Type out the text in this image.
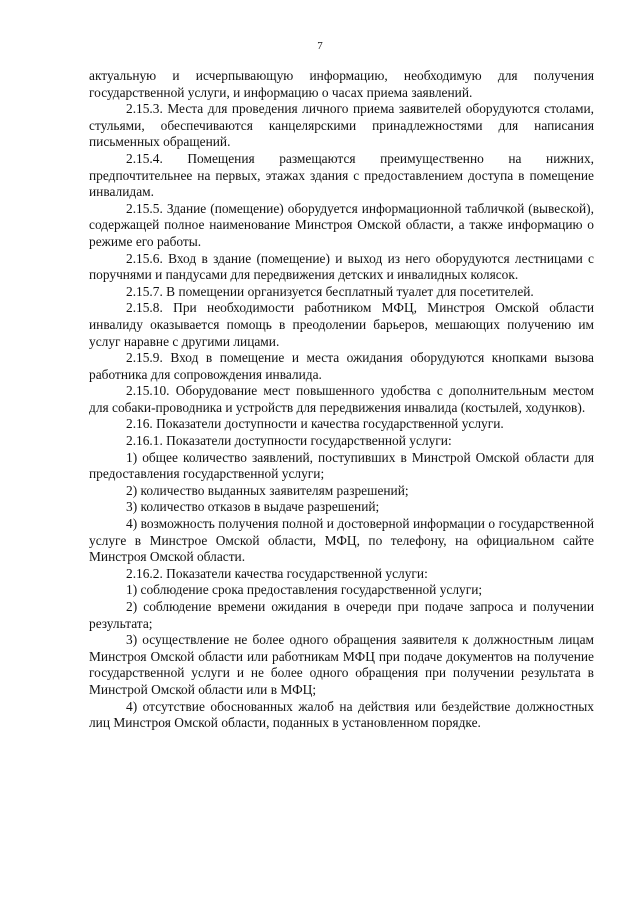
7

актуальную и исчерпывающую информацию, необходимую для получения государственной услуги, и информацию о часах приема заявлений.

2.15.3. Места для проведения личного приема заявителей оборудуются столами, стульями, обеспечиваются канцелярскими принадлежностями для написания письменных обращений.

2.15.4. Помещения размещаются преимущественно на нижних, предпочтительнее на первых, этажах здания с предоставлением доступа в помещение инвалидам.

2.15.5. Здание (помещение) оборудуется информационной табличкой (вывеской), содержащей полное наименование Минстроя Омской области, а также информацию о режиме его работы.

2.15.6. Вход в здание (помещение) и выход из него оборудуются лестницами с поручнями и пандусами для передвижения детских и инвалидных колясок.

2.15.7. В помещении организуется бесплатный туалет для посетителей.

2.15.8. При необходимости работником МФЦ, Минстроя Омской области инвалиду оказывается помощь в преодолении барьеров, мешающих получению им услуг наравне с другими лицами.

2.15.9. Вход в помещение и места ожидания оборудуются кнопками вызова работника для сопровождения инвалида.

2.15.10. Оборудование мест повышенного удобства с дополнительным местом для собаки-проводника и устройств для передвижения инвалида (костылей, ходунков).

2.16. Показатели доступности и качества государственной услуги.

2.16.1. Показатели доступности государственной услуги:

1) общее количество заявлений, поступивших в Минстрой Омской области для предоставления государственной услуги;

2) количество выданных заявителям разрешений;

3) количество отказов в выдаче разрешений;

4) возможность получения полной и достоверной информации о государственной услуге в Минстрое Омской области, МФЦ, по телефону, на официальном сайте Минстроя Омской области.

2.16.2. Показатели качества государственной услуги:

1) соблюдение срока предоставления государственной услуги;

2) соблюдение времени ожидания в очереди при подаче запроса и получении результата;

3) осуществление не более одного обращения заявителя к должностным лицам Минстроя Омской области или работникам МФЦ при подаче документов на получение государственной услуги и не более одного обращения при получении результата в Минстрой Омской области или в МФЦ;

4) отсутствие обоснованных жалоб на действия или бездействие должностных лиц Минстроя Омской области, поданных в установленном порядке.
